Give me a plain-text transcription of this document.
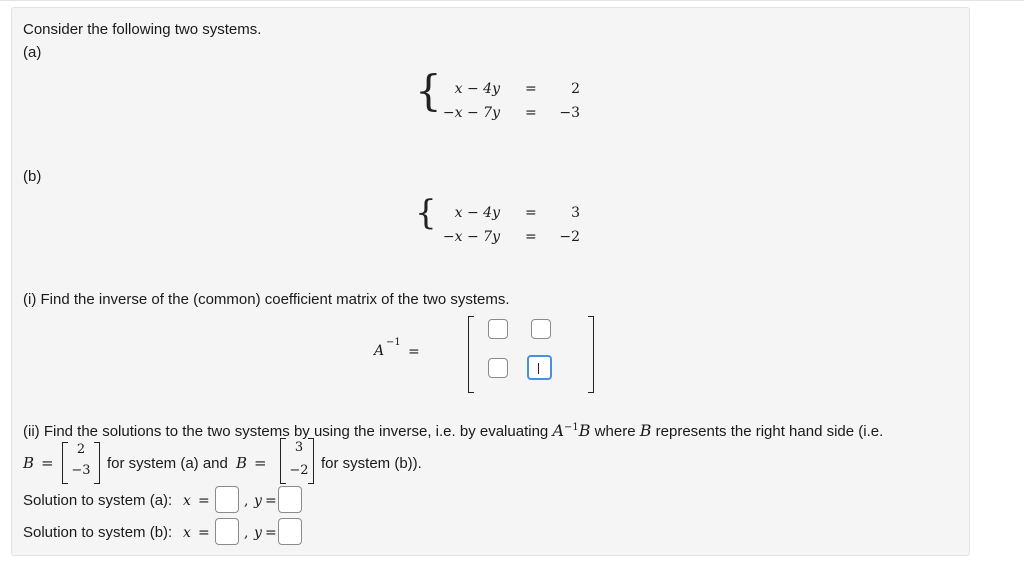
Consider the following two systems.
(a)
{ x − 4y =	2
−x − 7y =	−3
(b)
{	x − 4y =	3
−x − 7y =	−2
(i) Find the inverse of the (common) coefficient matrix of the two systems.
A
−1
=
(ii) Find the solutions to the two systems by using the inverse, i.e. by evaluating $A^{-1}B$ where B represents the right hand side (i.e.
B =
2
−3 for system (a) and B =
3
−2 for system (b)).
Solution to system (a): x = , y =
Solution to system (b): x = , y =
